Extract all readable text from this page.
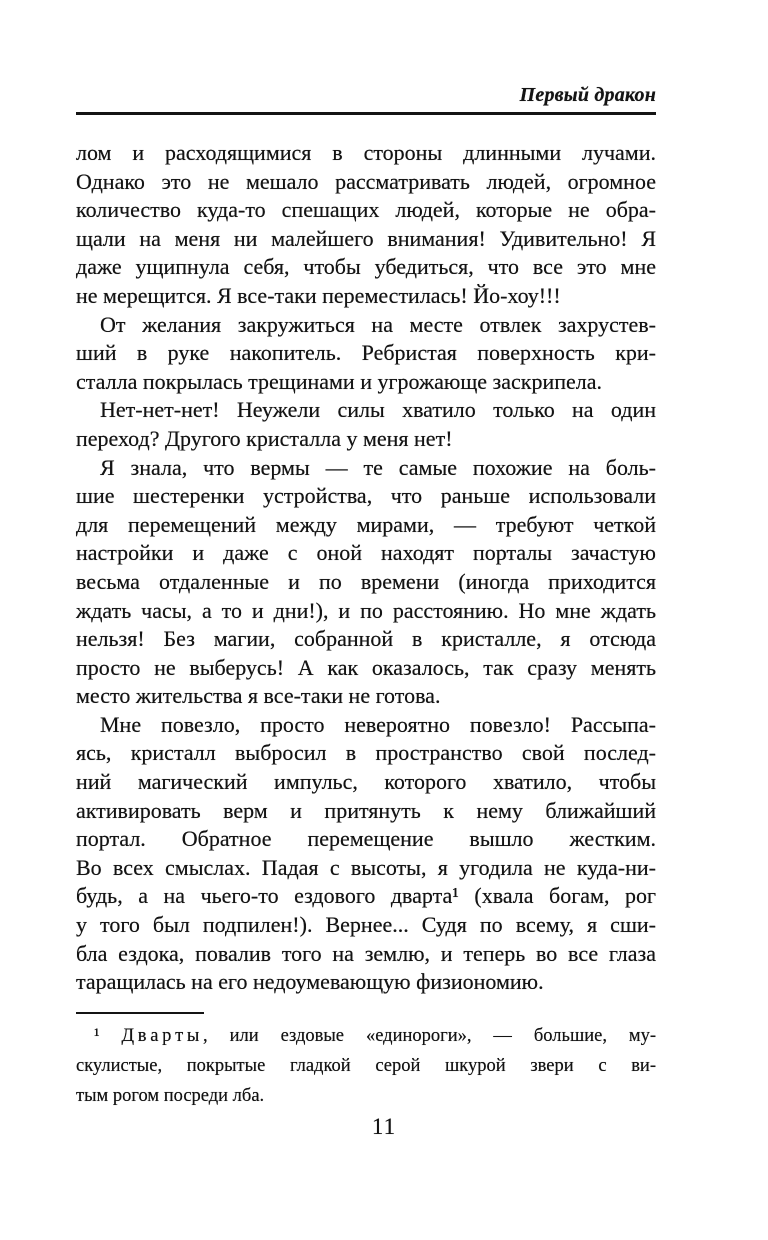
Первый дракон
лом и расходящимися в стороны длинными лучами.
Однако это не мешало рассматривать людей, огромное
количество куда-то спешащих людей, которые не обра-
щали на меня ни малейшего внимания! Удивительно! Я
даже ущипнула себя, чтобы убедиться, что все это мне
не мерещится. Я все-таки переместилась! Йо-хоу!!!
От желания закружиться на месте отвлек захрустев-
ший в руке накопитель. Ребристая поверхность кри-
сталла покрылась трещинами и угрожающе заскрипела.
Нет-нет-нет! Неужели силы хватило только на один
переход? Другого кристалла у меня нет!
Я знала, что вермы — те самые похожие на боль-
шие шестеренки устройства, что раньше использовали
для перемещений между мирами, — требуют четкой
настройки и даже с оной находят порталы зачастую
весьма отдаленные и по времени (иногда приходится
ждать часы, а то и дни!), и по расстоянию. Но мне ждать
нельзя! Без магии, собранной в кристалле, я отсюда
просто не выберусь! А как оказалось, так сразу менять
место жительства я все-таки не готова.
Мне повезло, просто невероятно повезло! Рассыпа-
ясь, кристалл выбросил в пространство свой послед-
ний магический импульс, которого хватило, чтобы
активировать верм и притянуть к нему ближайший
портал. Обратное перемещение вышло жестким.
Во всех смыслах. Падая с высоты, я угодила не куда-ни-
будь, а на чьего-то ездового дварта¹ (хвала богам, рог
у того был подпилен!). Вернее... Судя по всему, я сши-
бла ездока, повалив того на землю, и теперь во все глаза
таращилась на его недоумевающую физиономию.
¹ Д в а р т ы , или ездовые «единороги», — большие, му-
скулистые, покрытые гладкой серой шкурой звери с ви-
тым рогом посреди лба.
11
